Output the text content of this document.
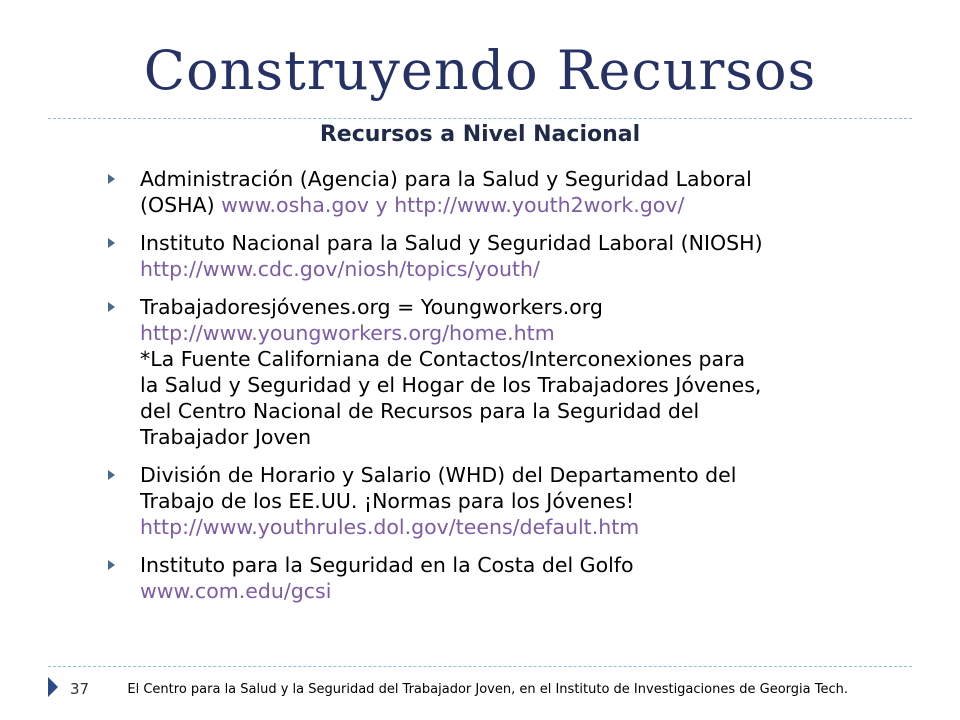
Construyendo Recursos
Recursos a Nivel Nacional
Administración (Agencia) para la Salud y Seguridad Laboral
(OSHA) www.osha.gov y http://www.youth2work.gov/
Instituto Nacional para la Salud y Seguridad Laboral (NIOSH)
http://www.cdc.gov/niosh/topics/youth/
Trabajadoresjóvenes.org = Youngworkers.org
http://www.youngworkers.org/home.htm
*La Fuente Californiana de Contactos/Interconexiones para
la Salud y Seguridad y el Hogar de los Trabajadores Jóvenes,
del Centro Nacional de Recursos para la Seguridad del
Trabajador Joven
División de Horario y Salario (WHD) del Departamento del
Trabajo de los EE.UU. ¡Normas para los Jóvenes!
http://www.youthrules.dol.gov/teens/default.htm
Instituto para la Seguridad en la Costa del Golfo
www.com.edu/gcsi
37	El Centro para la Salud y la Seguridad del Trabajador Joven, en el Instituto de Investigaciones de Georgia Tech.
